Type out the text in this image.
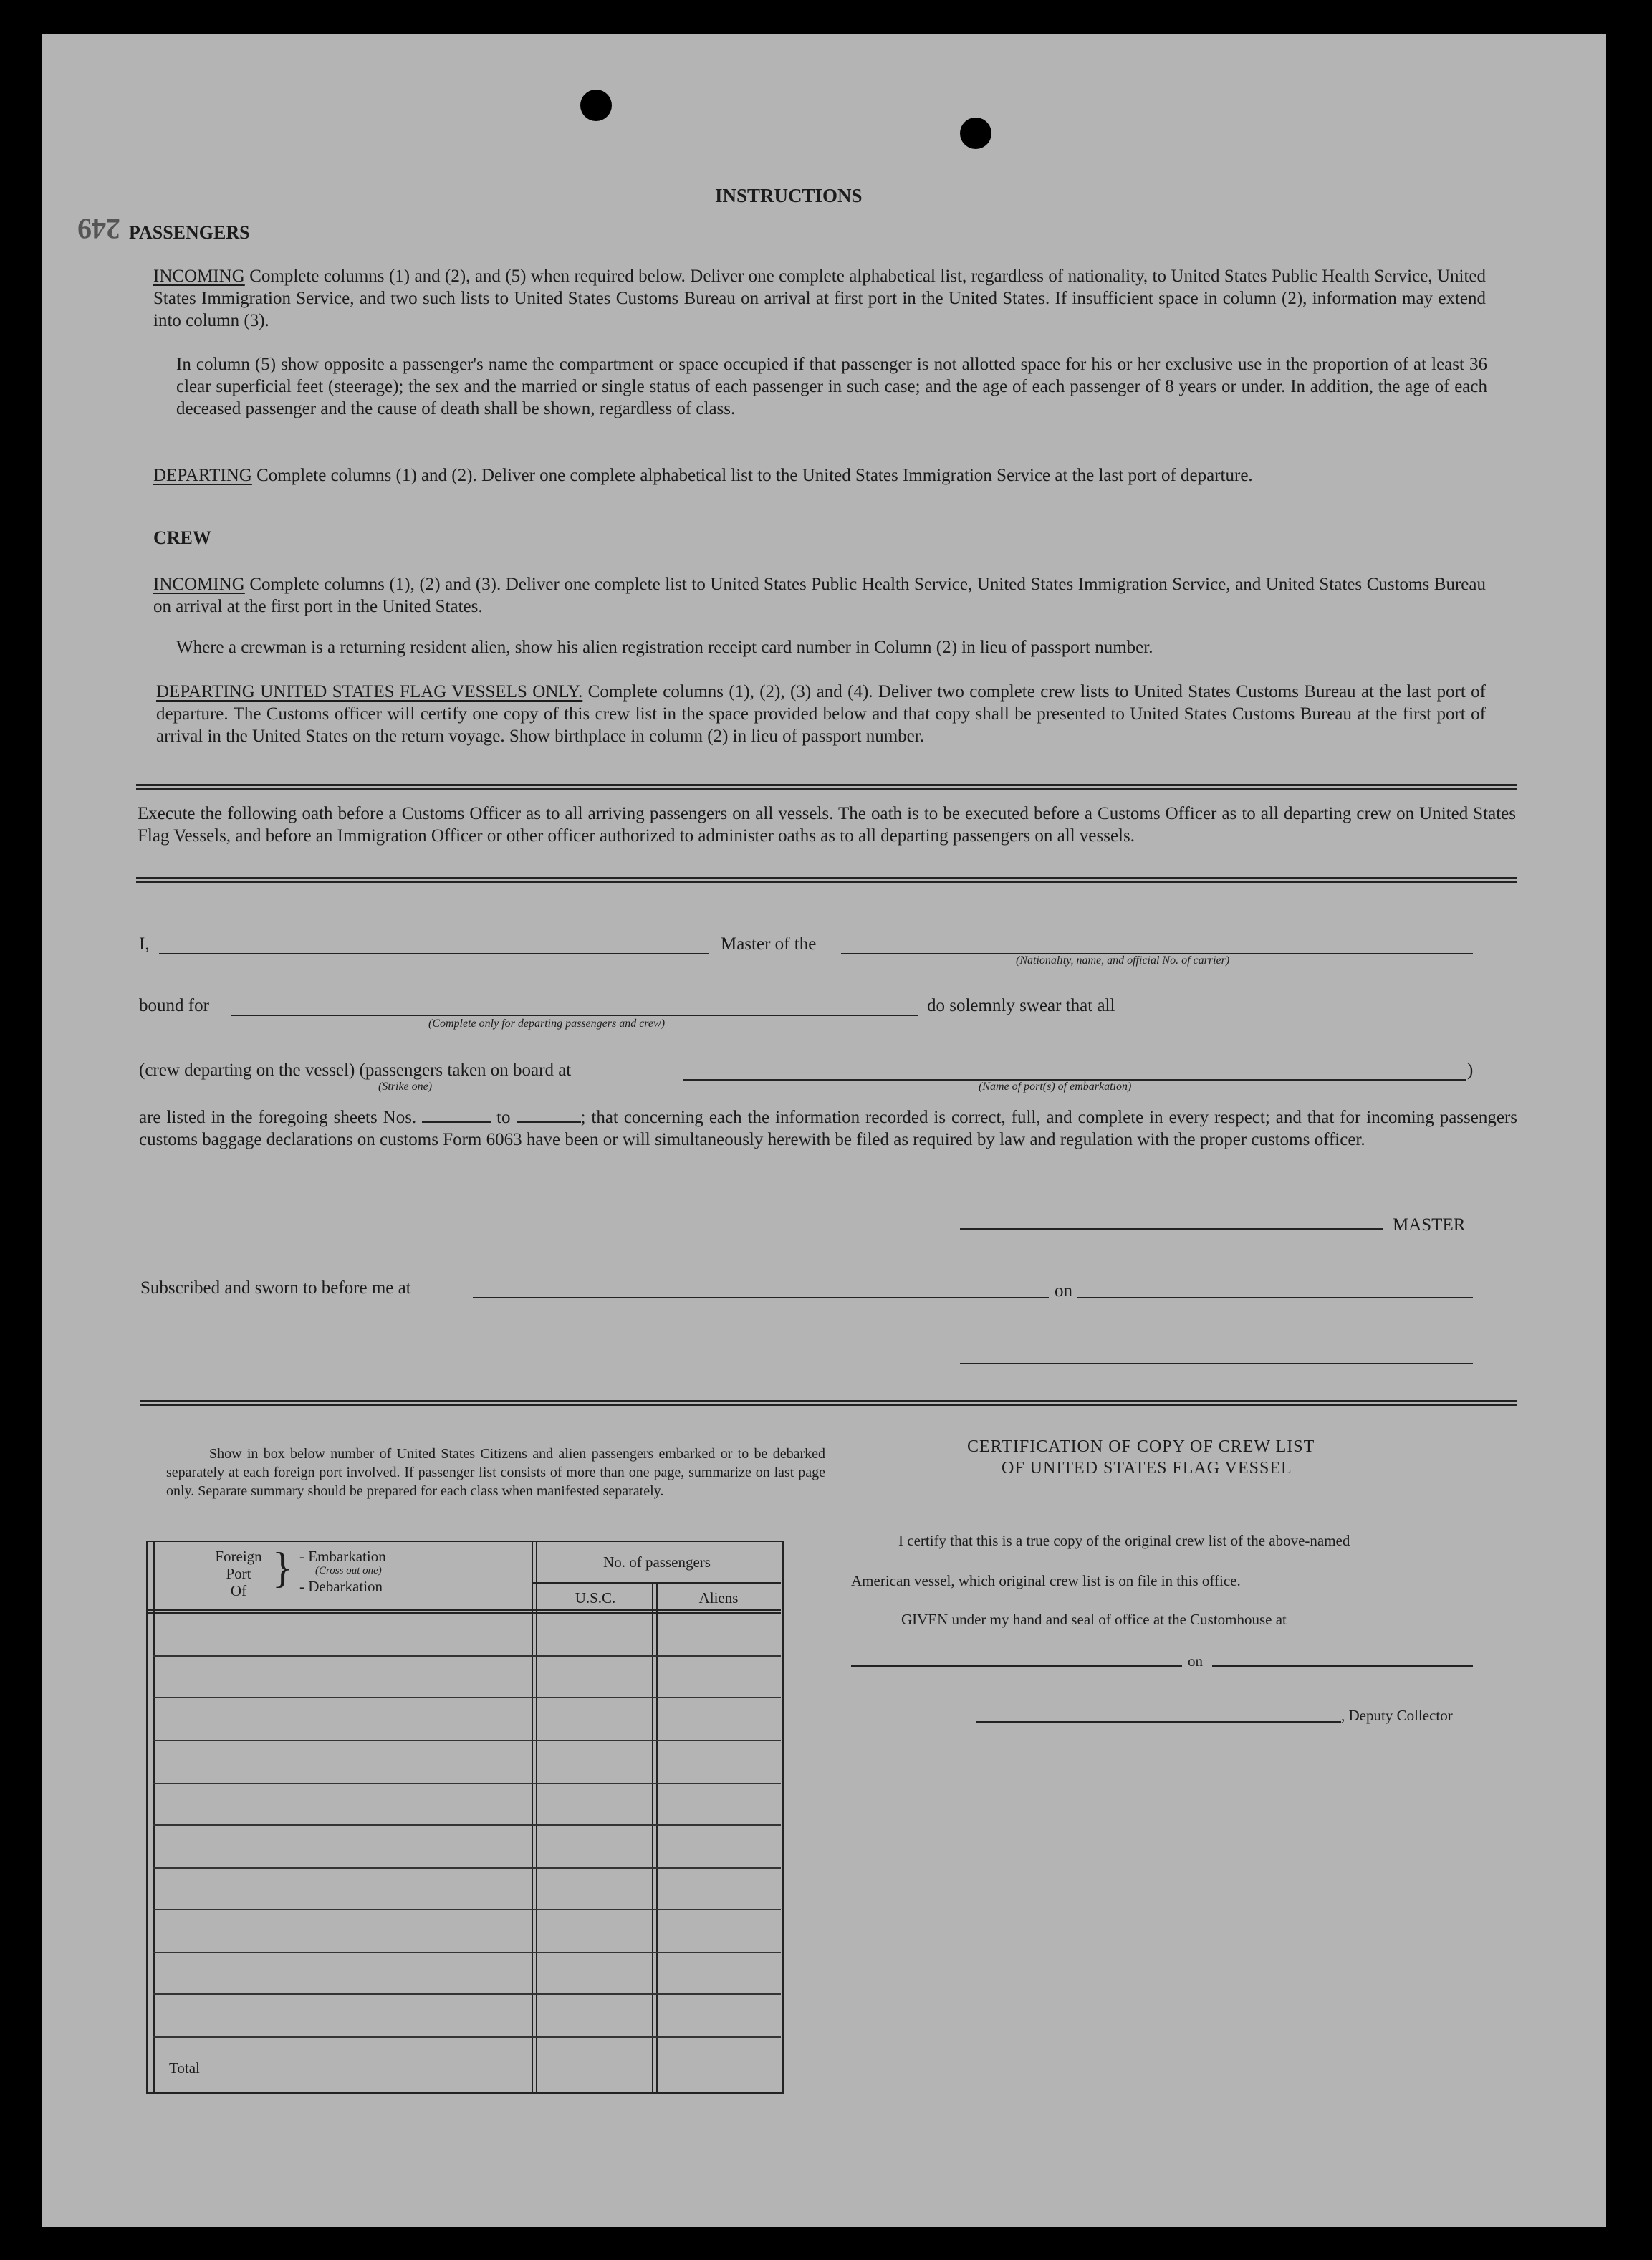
INSTRUCTIONS
249 PASSENGERS
INCOMING Complete columns (1) and (2), and (5) when required below. Deliver one complete alphabetical list, regardless of nationality, to United States Public Health Service, United States Immigration Service, and two such lists to United States Customs Bureau on arrival at first port in the United States. If insufficient space in column (2), information may extend into column (3).
In column (5) show opposite a passenger's name the compartment or space occupied if that passenger is not allotted space for his or her exclusive use in the proportion of at least 36 clear superficial feet (steerage); the sex and the married or single status of each passenger in such case; and the age of each passenger of 8 years or under. In addition, the age of each deceased passenger and the cause of death shall be shown, regardless of class.
DEPARTING Complete columns (1) and (2). Deliver one complete alphabetical list to the United States Immigration Service at the last port of departure.
CREW
INCOMING Complete columns (1), (2) and (3). Deliver one complete list to United States Public Health Service, United States Immigration Service, and United States Customs Bureau on arrival at the first port in the United States.
Where a crewman is a returning resident alien, show his alien registration receipt card number in Column (2) in lieu of passport number.
DEPARTING UNITED STATES FLAG VESSELS ONLY. Complete columns (1), (2), (3) and (4). Deliver two complete crew lists to United States Customs Bureau at the last port of departure. The Customs officer will certify one copy of this crew list in the space provided below and that copy shall be presented to United States Customs Bureau at the first port of arrival in the United States on the return voyage. Show birthplace in column (2) in lieu of passport number.
Execute the following oath before a Customs Officer as to all arriving passengers on all vessels. The oath is to be executed before a Customs Officer as to all departing crew on United States Flag Vessels, and before an Immigration Officer or other officer authorized to administer oaths as to all departing passengers on all vessels.
I,	Master of the
(Nationality, name, and official No. of carrier)
bound for
(Complete only for departing passengers and crew)
do solemnly swear that all
(crew departing on the vessel) (passengers taken on board at
(Strike one)	(Name of port(s) of embarkation)
)
are listed in the foregoing sheets Nos.	to	; that concerning each the information recorded is correct, full, and complete in every respect; and that for incoming passengers customs baggage declarations on customs Form 6063 have been or will simultaneously herewith be filed as required by law and regulation with the proper customs officer.
MASTER
Subscribed and sworn to before me at	on
Show in box below number of United States Citizens and alien passengers embarked or to be debarked separately at each foreign port involved. If passenger list consists of more than one page, summarize on last page only. Separate summary should be prepared for each class when manifested separately.
Foreign
Port
Of } - Embarkation
(Cross out one)
- Debarkation
No. of passengers
U.S.C.	Aliens
Total
CERTIFICATION OF COPY OF CREW LIST
OF UNITED STATES FLAG VESSEL
I certify that this is a true copy of the original crew list of the above-named
American vessel, which original crew list is on file in this office.
GIVEN under my hand and seal of office at the Customhouse at
on
, Deputy Collector
